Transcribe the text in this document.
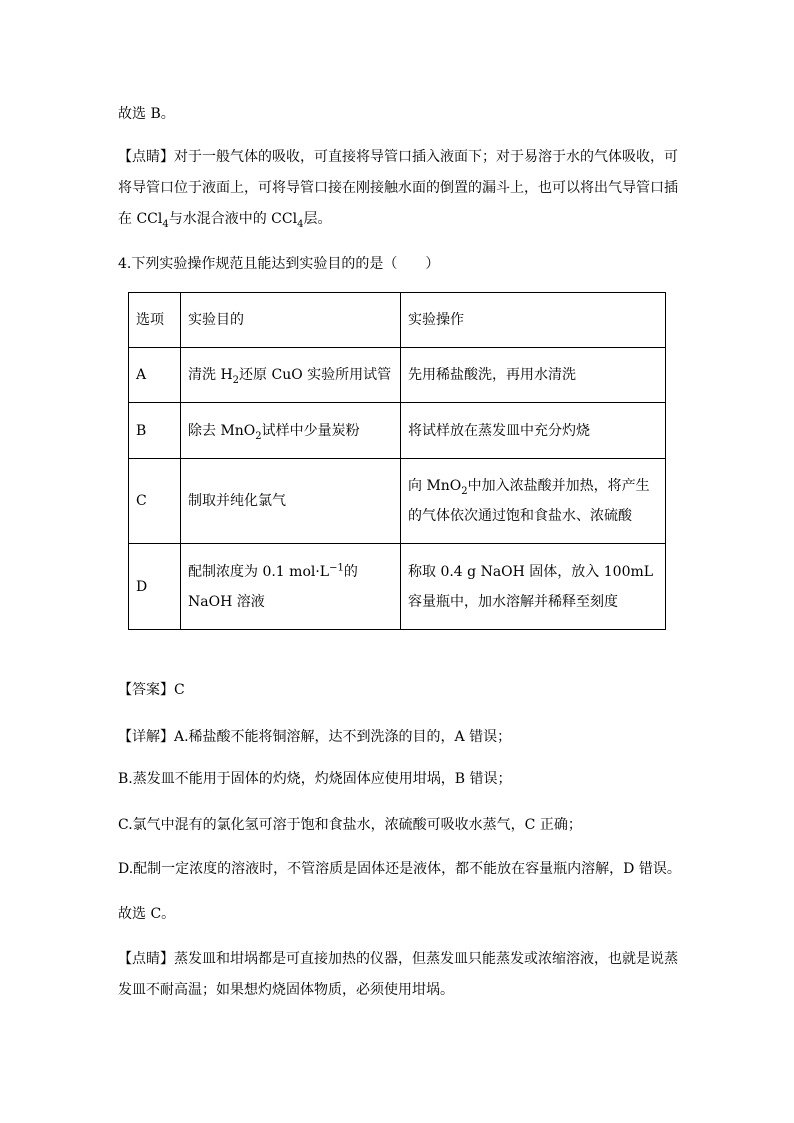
故选 B。
【点睛】对于一般气体的吸收，可直接将导管口插入液面下；对于易溶于水的气体吸收，可将导管口位于液面上，可将导管口接在刚接触水面的倒置的漏斗上，也可以将出气导管口插在 CCl$_4$与水混合液中的 CCl$_4$层。
4.下列实验操作规范且能达到实验目的的是（　　）
选项	实验目的	实验操作
A	清洗 $H_2$还原 CuO 实验所用试管	先用稀盐酸洗，再用水清洗
B	除去 MnO$_2$试样中少量炭粉	将试样放在蒸发皿中充分灼烧
C	制取并纯化氯气	向 MnO$_2$中加入浓盐酸并加热，将产生的气体依次通过饱和食盐水、浓硫酸
D	配制浓度为 0.1 $mol\cdot L^{-1}$的 NaOH 溶液	称取 0.4 g NaOH 固体，放入 100mL 容量瓶中，加水溶解并稀释至刻度
【答案】C
【详解】A.稀盐酸不能将铜溶解，达不到洗涤的目的，A 错误；
B.蒸发皿不能用于固体的灼烧，灼烧固体应使用坩埚，B 错误；
C.氯气中混有的氯化氢可溶于饱和食盐水，浓硫酸可吸收水蒸气，C 正确；
D.配制一定浓度的溶液时，不管溶质是固体还是液体，都不能放在容量瓶内溶解，D 错误。
故选 C。
【点睛】蒸发皿和坩埚都是可直接加热的仪器，但蒸发皿只能蒸发或浓缩溶液，也就是说蒸发皿不耐高温；如果想灼烧固体物质，必须使用坩埚。
